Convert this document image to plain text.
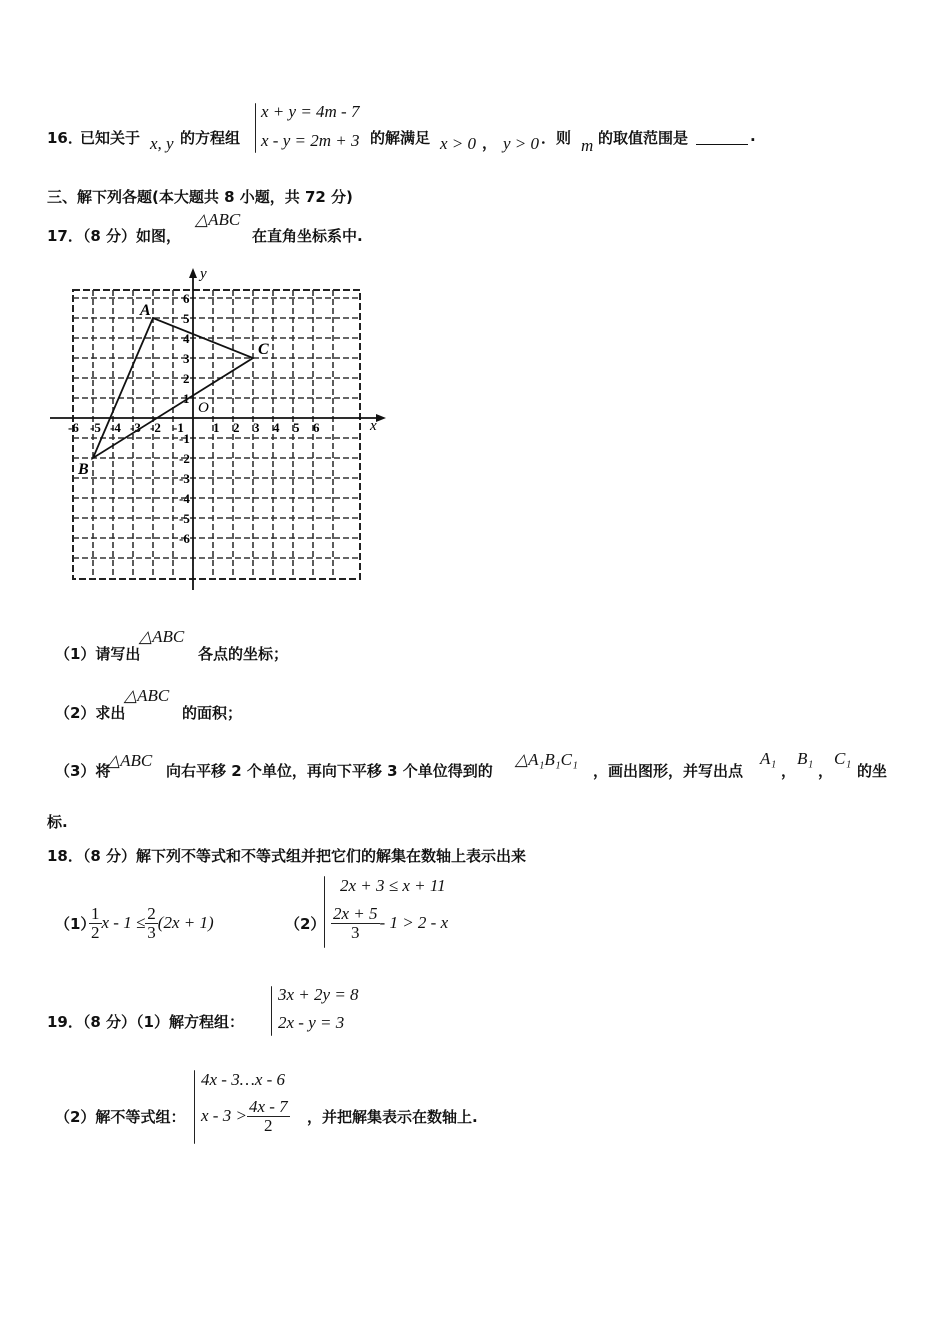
16．
已知关于 x, y 的方程组
x + y = 4m - 7
x - y = 2m + 3 的解满足 x > 0 ， y > 0 ．则 m 的取值范围是	.
三、解下列各题(本大题共 8 小题，共 72 分)
17．（8 分）如图，
△ABC
在直角坐标系中.
x
y
O
-6 -5 -4 -3 -2 -1 1 2 3 4 5 6
6
5
4
3
2
1
-1
-2
-3
-4
-5
-6
A
B
C
（1）请写出
△ABC
各点的坐标；
（2）求出
△ABC
的面积；
（3）将
△ABC
向右平移 2 个单位，再向下平移 3 个单位得到的
△A₁B₁C₁
，画出图形，并写出点
A₁
，
B₁
，
C₁
的坐
标.
18．（8 分）解下列不等式和不等式组并把它们的解集在数轴上表示出来
（1）
$\frac{1}{2}$ $x - 1 \le \frac{2}{3} (2x + 1)$	（2）
2x + 3 ≤ x + 11
$\frac{2x + 5}{3} - 1 > 2 - x$
19．（8 分）（1）解方程组：
3x + 2y = 8
2x - y = 3
（2）解不等式组：
4x - 3…x - 6
$x - 3 > \frac{4x - 7}{2}$ ，并把解集表示在数轴上.
